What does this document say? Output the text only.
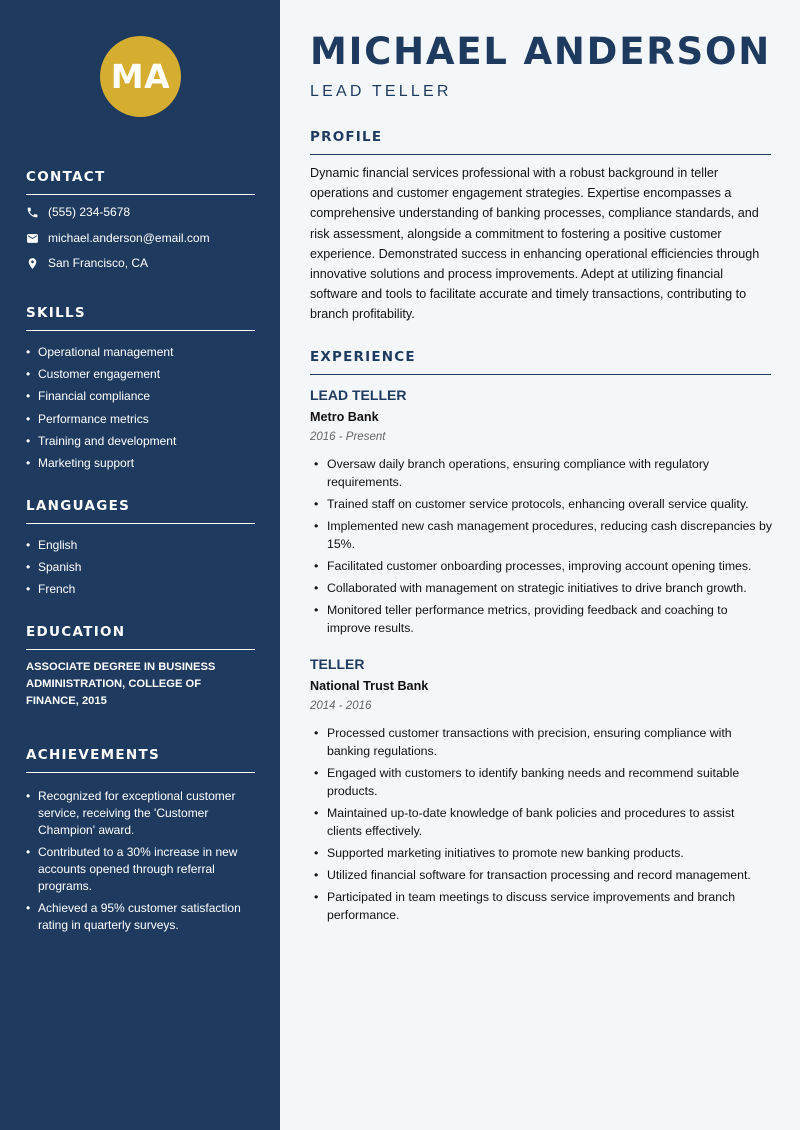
MA
CONTACT
(555) 234-5678
michael.anderson@email.com
San Francisco, CA
SKILLS
• Operational management
• Customer engagement
• Financial compliance
• Performance metrics
• Training and development
• Marketing support
LANGUAGES
• English
• Spanish
• French
EDUCATION
ASSOCIATE DEGREE IN BUSINESS ADMINISTRATION, COLLEGE OF FINANCE, 2015
ACHIEVEMENTS
• Recognized for exceptional customer service, receiving the 'Customer Champion' award.
• Contributed to a 30% increase in new accounts opened through referral programs.
• Achieved a 95% customer satisfaction rating in quarterly surveys.
MICHAEL ANDERSON
LEAD TELLER
PROFILE

Dynamic financial services professional with a robust background in teller operations and customer engagement strategies. Expertise encompasses a comprehensive understanding of banking processes, compliance standards, and risk assessment, alongside a commitment to fostering a positive customer experience. Demonstrated success in enhancing operational efficiencies through innovative solutions and process improvements. Adept at utilizing financial software and tools to facilitate accurate and timely transactions, contributing to branch profitability.

EXPERIENCE
LEAD TELLER
Metro Bank
2016 - Present
• Oversaw daily branch operations, ensuring compliance with regulatory requirements.
• Trained staff on customer service protocols, enhancing overall service quality.
• Implemented new cash management procedures, reducing cash discrepancies by 15%.
• Facilitated customer onboarding processes, improving account opening times.
• Collaborated with management on strategic initiatives to drive branch growth.
• Monitored teller performance metrics, providing feedback and coaching to improve results.
TELLER
National Trust Bank
2014 - 2016
• Processed customer transactions with precision, ensuring compliance with banking regulations.
• Engaged with customers to identify banking needs and recommend suitable products.
• Maintained up-to-date knowledge of bank policies and procedures to assist clients effectively.
• Supported marketing initiatives to promote new banking products.
• Utilized financial software for transaction processing and record management.
• Participated in team meetings to discuss service improvements and branch performance.
